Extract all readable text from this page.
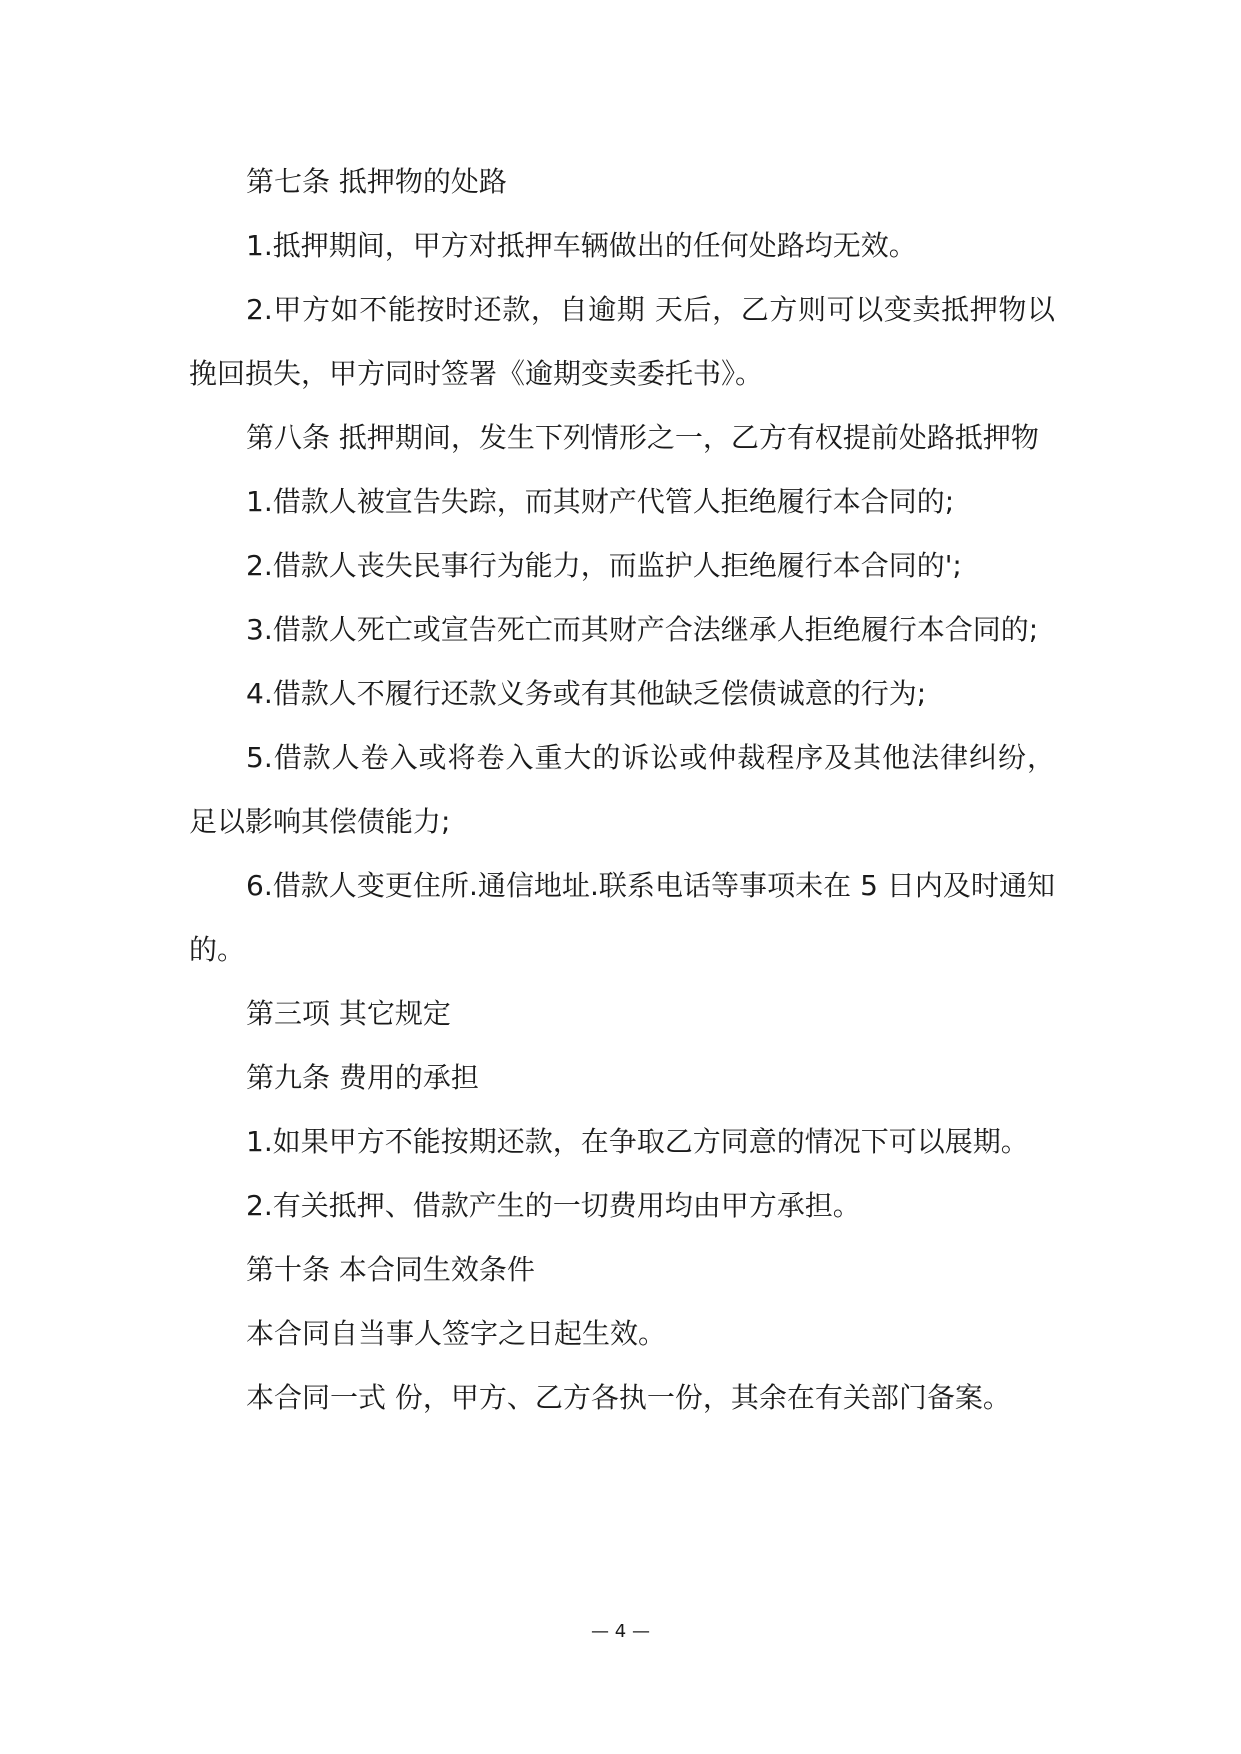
第七条 抵押物的处路

1.抵押期间，甲方对抵押车辆做出的任何处路均无效。

2.甲方如不能按时还款，自逾期 天后，乙方则可以变卖抵押物以挽回损失，甲方同时签署《逾期变卖委托书》。

第八条 抵押期间，发生下列情形之一，乙方有权提前处路抵押物

1.借款人被宣告失踪，而其财产代管人拒绝履行本合同的;

2.借款人丧失民事行为能力，而监护人拒绝履行本合同的';

3.借款人死亡或宣告死亡而其财产合法继承人拒绝履行本合同的;

4.借款人不履行还款义务或有其他缺乏偿债诚意的行为;

5.借款人卷入或将卷入重大的诉讼或仲裁程序及其他法律纠纷，足以影响其偿债能力;

6.借款人变更住所.通信地址.联系电话等事项未在 5 日内及时通知的。

第三项 其它规定

第九条 费用的承担

1.如果甲方不能按期还款，在争取乙方同意的情况下可以展期。

2.有关抵押、借款产生的一切费用均由甲方承担。

第十条 本合同生效条件

本合同自当事人签字之日起生效。

本合同一式 份，甲方、乙方各执一份，其余在有关部门备案。

— 4 —
